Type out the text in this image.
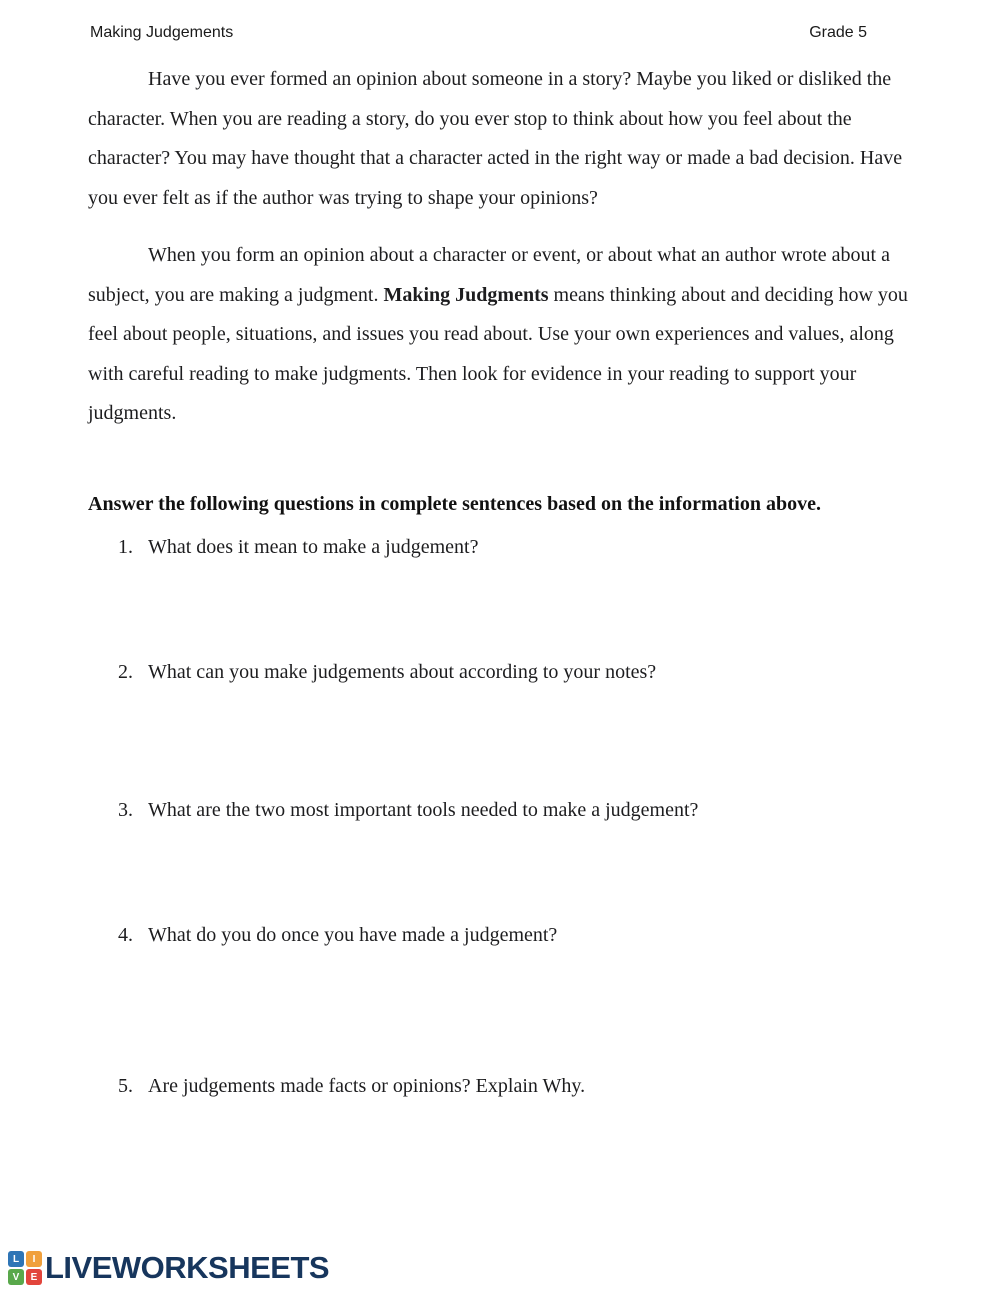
Making Judgements	Grade 5

Have you ever formed an opinion about someone in a story? Maybe you liked or disliked the character. When you are reading a story, do you ever stop to think about how you feel about the character? You may have thought that a character acted in the right way or made a bad decision. Have you ever felt as if the author was trying to shape your opinions?

When you form an opinion about a character or event, or about what an author wrote about a subject, you are making a judgment. Making Judgments means thinking about and deciding how you feel about people, situations, and issues you read about. Use your own experiences and values, along with careful reading to make judgments. Then look for evidence in your reading to support your judgments.

Answer the following questions in complete sentences based on the information above.

1. What does it mean to make a judgement?
2. What can you make judgements about according to your notes?
3. What are the two most important tools needed to make a judgement?
4. What do you do once you have made a judgement?
5. Are judgements made facts or opinions? Explain Why.
L	I
V	E LIVEWORKSHEETS
